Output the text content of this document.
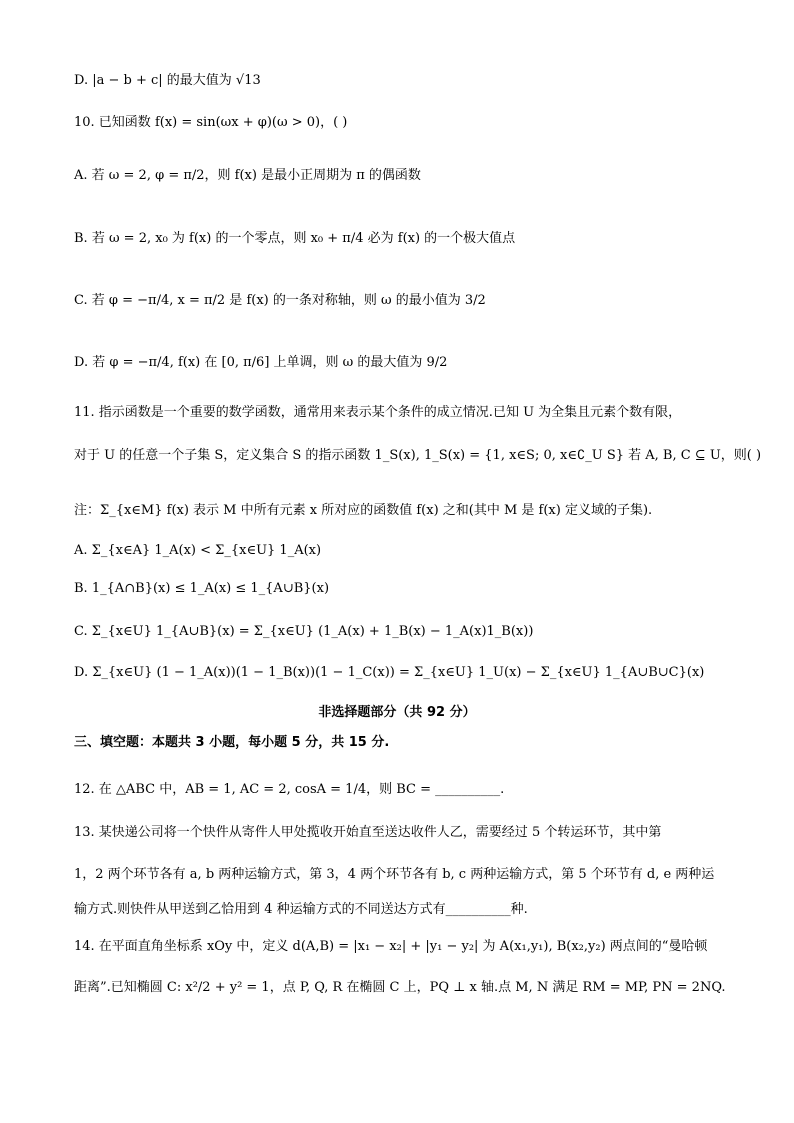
D. |a − b + c| 的最大值为 √13
10. 已知函数 f(x) = sin(ωx + φ)(ω > 0)，( )
A. 若 ω = 2, φ = π/2，则 f(x) 是最小正周期为 π 的偶函数
B. 若 ω = 2, x₀ 为 f(x) 的一个零点，则 x₀ + π/4 必为 f(x) 的一个极大值点
C. 若 φ = −π/4, x = π/2 是 f(x) 的一条对称轴，则 ω 的最小值为 3/2
D. 若 φ = −π/4, f(x) 在 [0, π/6] 上单调，则 ω 的最大值为 9/2
11. 指示函数是一个重要的数学函数，通常用来表示某个条件的成立情况.已知 U 为全集且元素个数有限，
对于 U 的任意一个子集 S，定义集合 S 的指示函数 1_S(x), 1_S(x) = {1, x∈S; 0, x∈∁_U S} 若 A, B, C ⊆ U，则( )
注：Σ_{x∈M} f(x) 表示 M 中所有元素 x 所对应的函数值 f(x) 之和(其中 M 是 f(x) 定义域的子集).
A. Σ_{x∈A} 1_A(x) < Σ_{x∈U} 1_A(x)
B. 1_{A∩B}(x) ≤ 1_A(x) ≤ 1_{A∪B}(x)
C. Σ_{x∈U} 1_{A∪B}(x) = Σ_{x∈U} (1_A(x) + 1_B(x) − 1_A(x)1_B(x))
D. Σ_{x∈U} (1 − 1_A(x))(1 − 1_B(x))(1 − 1_C(x)) = Σ_{x∈U} 1_U(x) − Σ_{x∈U} 1_{A∪B∪C}(x)
非选择题部分（共 92 分）
三、填空题：本题共 3 小题，每小题 5 分，共 15 分.
12. 在 △ABC 中，AB = 1, AC = 2, cosA = 1/4，则 BC = __________.
13. 某快递公司将一个快件从寄件人甲处揽收开始直至送达收件人乙，需要经过 5 个转运环节，其中第
1，2 两个环节各有 a, b 两种运输方式，第 3，4 两个环节各有 b, c 两种运输方式，第 5 个环节有 d, e 两种运
输方式.则快件从甲送到乙恰用到 4 种运输方式的不同送达方式有__________种.
14. 在平面直角坐标系 xOy 中，定义 d(A,B) = |x₁ − x₂| + |y₁ − y₂| 为 A(x₁,y₁), B(x₂,y₂) 两点间的“曼哈顿
距离”.已知椭圆 C: x²/2 + y² = 1，点 P, Q, R 在椭圆 C 上，PQ ⊥ x 轴.点 M, N 满足 RM = MP, PN = 2NQ.
